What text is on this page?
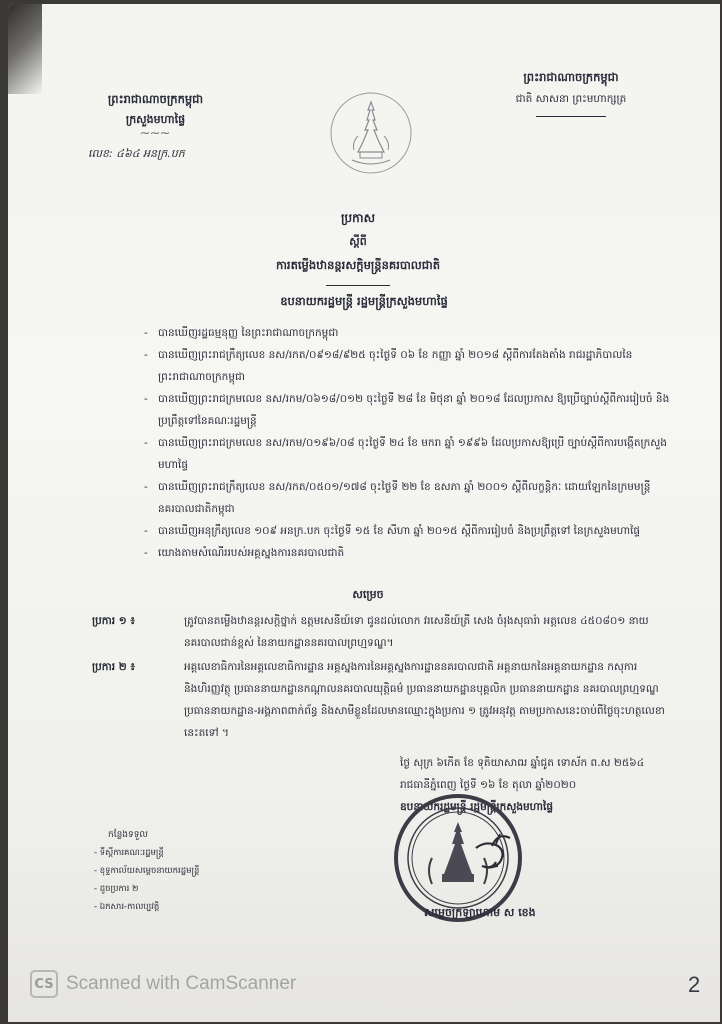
ព្រះរាជាណាចក្រកម្ពុជា
ក្រសួងមហាផ្ទៃ
⁓⁓⁓
លេខ: ៤៦៤ អនក្រ.បក
ព្រះរាជាណាចក្រកម្ពុជា
ជាតិ សាសនា ព្រះមហាក្សត្រ
ប្រកាស
ស្តីពី
ការតម្លើងឋានន្តរសក្តិមន្ត្រីនគរបាលជាតិ
ឧបនាយករដ្ឋមន្ត្រី រដ្ឋមន្ត្រីក្រសួងមហាផ្ទៃ
- បានឃើញរដ្ឋធម្មនុញ្ញ នៃព្រះរាជាណាចក្រកម្ពុជា
- បានឃើញព្រះរាជក្រឹត្យលេខ នស/រកត/០៩១៨/៩២៥ ចុះថ្ងៃទី ០៦ ខែ កញ្ញា ឆ្នាំ ២០១៨ ស្តីពីការតែងតាំង រាជរដ្ឋាភិបាលនៃព្រះរាជាណាចក្រកម្ពុជា
- បានឃើញព្រះរាជក្រមលេខ នស/រកម/០៦១៨/០១២ ចុះថ្ងៃទី ២៨ ខែ មិថុនា ឆ្នាំ ២០១៨ ដែលប្រកាស ឱ្យប្រើច្បាប់ស្តីពីការរៀបចំ និងប្រព្រឹត្តទៅនៃគណៈរដ្ឋមន្ត្រី
- បានឃើញព្រះរាជក្រមលេខ នស/រកម/០១៩៦/០៨ ចុះថ្ងៃទី ២៤ ខែ មករា ឆ្នាំ ១៩៩៦ ដែលប្រកាសឱ្យប្រើ ច្បាប់ស្តីពីការបង្កើតក្រសួងមហាផ្ទៃ
- បានឃើញព្រះរាជក្រឹត្យលេខ នស/រកត/០៥០១/១៧៨ ចុះថ្ងៃទី ២២ ខែ ឧសភា ឆ្នាំ ២០០១ ស្តីពីលក្ខន្តិកៈ ដោយឡែកនៃក្រមមន្ត្រីនគរបាលជាតិកម្ពុជា
- បានឃើញអនុក្រឹត្យលេខ ១០៩ អនក្រ.បក ចុះថ្ងៃទី ១៥ ខែ សីហា ឆ្នាំ ២០១៥ ស្តីពីការរៀបចំ និងប្រព្រឹត្តទៅ នៃក្រសួងមហាផ្ទៃ
- យោងតាមសំណើររបស់អគ្គស្នងការនគរបាលជាតិ
សម្រេច
ប្រការ ១ ៖	ត្រូវបានតម្លើងឋានន្តរសក្តិថ្នាក់ ឧត្តមសេនីយ៍ទោ ជូនដល់លោក វរសេនីយ៍ត្រី សេង ចំរុងសុធារ៉ា អត្តលេខ ៤៥០៨០១ នាយនគរបាលជាន់ខ្ពស់ នៃនាយកដ្ឋាននគរបាលព្រហ្មទណ្ឌ។
ប្រការ ២ ៖	អគ្គលេខាធិការនៃអគ្គលេខាធិការដ្ឋាន អគ្គស្នងការនៃអគ្គស្នងការដ្ឋាននគរបាលជាតិ អគ្គនាយកនៃអគ្គនាយកដ្ឋាន កសុការនិងហិរញ្ញវត្ថុ ប្រធាននាយកដ្ឋានកណ្តាលនគរបាលយុត្តិធម៌ ប្រធាននាយកដ្ឋានបុគ្គលិក ប្រធាននាយកដ្ឋាន នគរបាលព្រហ្មទណ្ឌ ប្រធាននាយកដ្ឋាន-អង្គភាពពាក់ព័ន្ធ និងសាមីខ្លួនដែលមានឈ្មោះក្នុងប្រការ ១ ត្រូវអនុវត្ត តាមប្រកាសនេះចាប់ពីថ្ងៃចុះហត្ថលេខានេះតទៅ ។
ថ្ងៃ សុក្រ ៦កើត ខែ ទុតិយាសាឍ ឆ្នាំជូត ទោស័ក ព.ស ២៥៦៤
រាជធានីភ្នំពេញ ថ្ងៃទី ១៦ ខែ តុលា ឆ្នាំ២០២០
ឧបនាយករដ្ឋមន្ត្រី រដ្ឋមន្ត្រីក្រសួងមហាផ្ទៃ
សម្តេចក្រឡាហោម ស ខេង
កន្លែងទទួល
- ទីស្តីការគណៈរដ្ឋមន្ត្រី
- ខុទ្ទកាល័យសម្តេចនាយករដ្ឋមន្ត្រី
- ដូចប្រការ ២
- ឯកសារ-កាលប្បវត្តិ
CS Scanned with CamScanner	2
